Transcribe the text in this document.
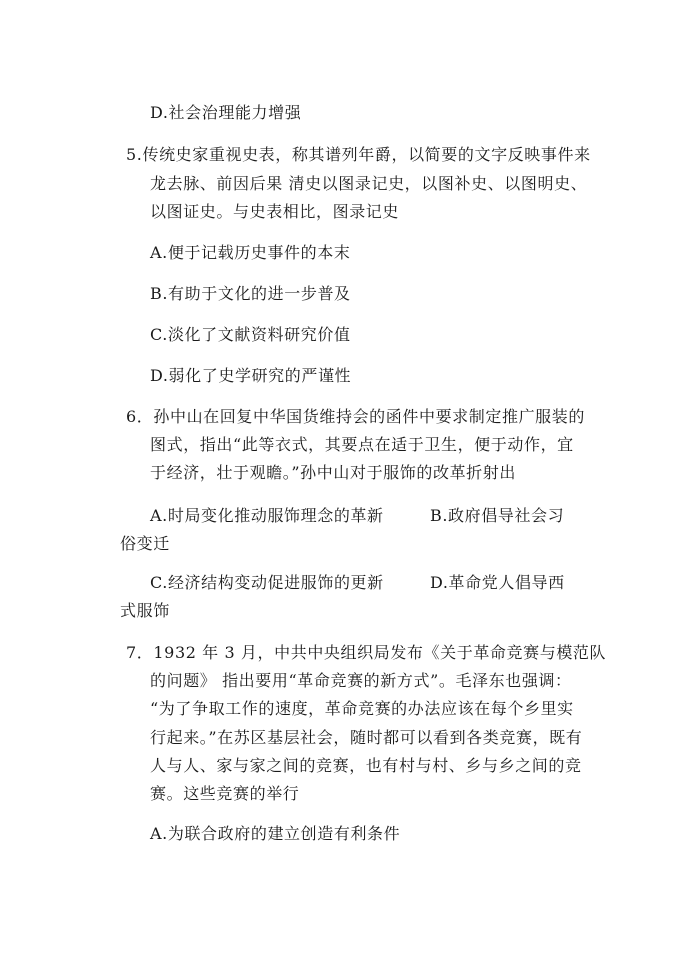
D.社会治理能力增强
5.传统史家重视史表，称其谱列年爵，以简要的文字反映事件来
龙去脉、前因后果 清史以图录记史，以图补史、以图明史、
以图证史。与史表相比，图录记史
A.便于记载历史事件的本末
B.有助于文化的进一步普及
C.淡化了文献资料研究价值
D.弱化了史学研究的严谨性
6．孙中山在回复中华国货维持会的函件中要求制定推广服装的
图式，指出“此等衣式，其要点在适于卫生，便于动作，宜
于经济，壮于观瞻。”孙中山对于服饰的改革折射出
A.时局变化推动服饰理念的革新	B.政府倡导社会习
俗变迁
C.经济结构变动促进服饰的更新	D.革命党人倡导西
式服饰
7．1932 年 3 月，中共中央组织局发布《关于革命竞赛与模范队
的问题》 指出要用“革命竞赛的新方式”。毛泽东也强调：
“为了争取工作的速度，革命竞赛的办法应该在每个乡里实
行起来。”在苏区基层社会，随时都可以看到各类竞赛，既有
人与人、家与家之间的竞赛，也有村与村、乡与乡之间的竞
赛。这些竞赛的举行
A.为联合政府的建立创造有利条件
